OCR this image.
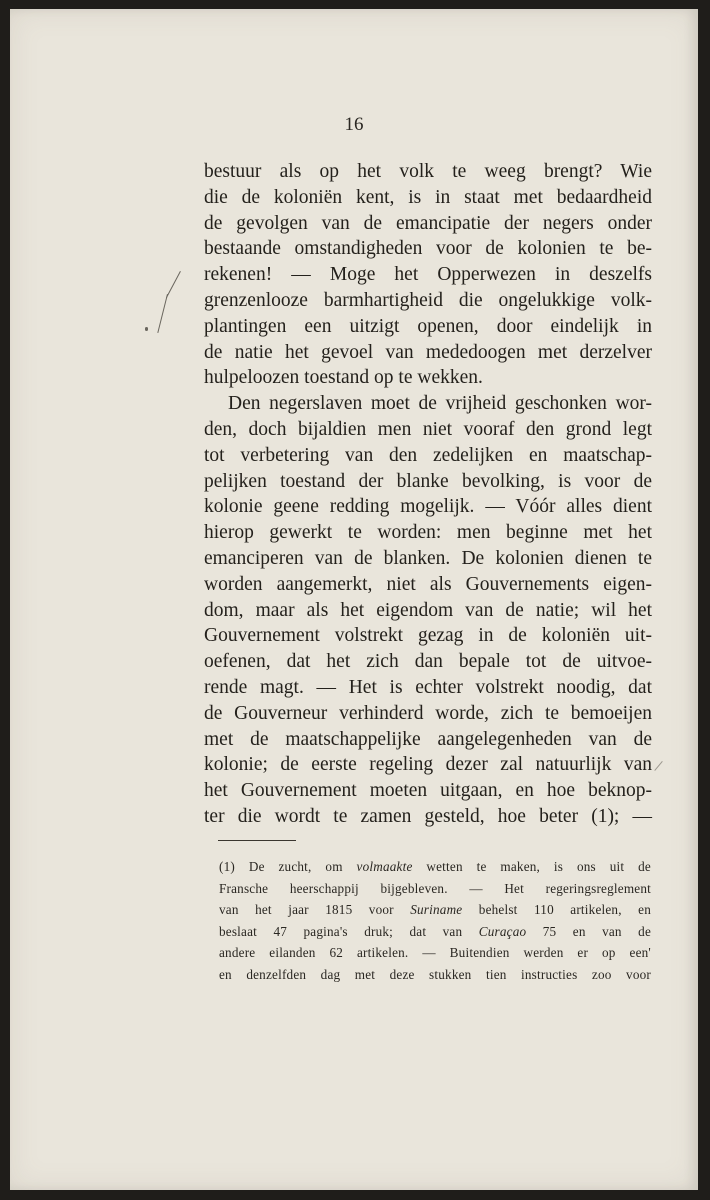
16
bestuur als op het volk te weeg brengt? Wie
die de koloniën kent, is in staat met bedaardheid
de gevolgen van de emancipatie der negers onder
bestaande omstandigheden voor de kolonien te be-
rekenen! — Moge het Opperwezen in deszelfs
grenzenlooze barmhartigheid die ongelukkige volk-
plantingen een uitzigt openen, door eindelijk in
de natie het gevoel van mededoogen met derzelver
hulpeloozen toestand op te wekken.
Den negerslaven moet de vrijheid geschonken wor-
den, doch bijaldien men niet vooraf den grond legt
tot verbetering van den zedelijken en maatschap-
pelijken toestand der blanke bevolking, is voor de
kolonie geene redding mogelijk. — Vóór alles dient
hierop gewerkt te worden: men beginne met het
emanciperen van de blanken. De kolonien dienen te
worden aangemerkt, niet als Gouvernements eigen-
dom, maar als het eigendom van de natie; wil het
Gouvernement volstrekt gezag in de koloniën uit-
oefenen, dat het zich dan bepale tot de uitvoe-
rende magt. — Het is echter volstrekt noodig, dat
de Gouverneur verhinderd worde, zich te bemoeijen
met de maatschappelijke aangelegenheden van de
kolonie; de eerste regeling dezer zal natuurlijk van
het Gouvernement moeten uitgaan, en hoe beknop-
ter die wordt te zamen gesteld, hoe beter (1); —
(1) De zucht, om volmaakte wetten te maken, is ons uit de
Fransche heerschappij bijgebleven. — Het regeringsreglement
van het jaar 1815 voor Suriname behelst 110 artikelen, en
beslaat 47 pagina's druk; dat van Curaçao 75 en van de
andere eilanden 62 artikelen. — Buitendien werden er op een'
en denzelfden dag met deze stukken tien instructies zoo voor
